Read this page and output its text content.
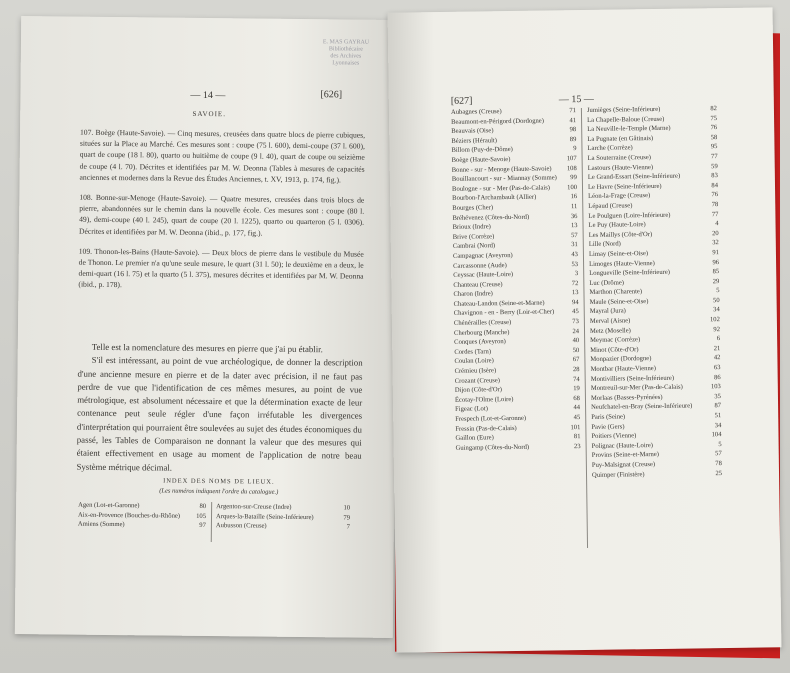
E. MAS GAYRAU
Bibliothécaire
des Archives
Lyonnaises
— 14 —	[626]
SAVOIE.

107. Boège (Haute-Savoie). — Cinq mesures, creusées dans quatre blocs de pierre cubiques, situées sur la Place au Marché. Ces mesures sont : coupe (75 l. 600), demi-coupe (37 l. 600), quart de coupe (18 l. 80), quarto ou huitième de coupe (9 l. 40), quart de coupe ou seizième de coupe (4 l. 70). Décrites et identifiées par M. W. Deonna (Tables à mesures de capacités anciennes et modernes dans la Revue des Études Anciennes, t. XV, 1913, p. 174, fig.).

108. Bonne-sur-Menoge (Haute-Savoie). — Quatre mesures, creusées dans trois blocs de pierre, abandonnées sur le chemin dans la nouvelle école. Ces mesures sont : coupe (80 l. 49), demi-coupe (40 l. 245), quart de coupe (20 l. 1225), quarto ou quarteron (5 l. 0306). Décrites et identifiées par M. W. Deonna (ibid., p. 177, fig.).

109. Thonon-les-Bains (Haute-Savoie). — Deux blocs de pierre dans le vestibule du Musée de Thonon. Le premier n'a qu'une seule mesure, le quart (31 l. 50); le deuxième en a deux, le demi-quart (16 l. 75) et la quarto (5 l. 375), mesures décrites et identifiées par M. W. Deonna (ibid., p. 178).

Telle est la nomenclature des mesures en pierre que j'ai pu établir.

S'il est intéressant, au point de vue archéologique, de donner la description d'une ancienne mesure en pierre et de la dater avec précision, il ne faut pas perdre de vue que l'identification de ces mêmes mesures, au point de vue métrologique, est absolument nécessaire et que la détermination exacte de leur contenance peut seule régler d'une façon irréfutable les divergences d'interprétation qui pourraient être soulevées au sujet des études économiques du passé, les Tables de Comparaison ne donnant la valeur que des mesures qui étaient effectivement en usage au moment de l'application de notre beau Système métrique décimal.

INDEX DES NOMS DE LIEUX.
(Les numéros indiquent l'ordre du catalogue.)
Agen (Lot-et-Garonne)	80
Aix-en-Provence (Bouches-du-Rhône)	105
Amiens (Somme)	97
Argenton-sur-Creuse (Indre)	10
Arques-la-Bataille (Seine-Inférieure)	79
Aubusson (Creuse)	7
[627]	— 15 —
Aubagnes (Creuse)	71
Beaumont-en-Périgord (Dordogne)	41
Beauvais (Oise)	98
Béziers (Hérault)	89
Billom (Puy-de-Dôme)	9
Boège (Haute-Savoie)	107
Bonne - sur - Menoge (Haute-Savoie)	108
Bouillancourt - sur - Miannay (Somme)	99
Boulogne - sur - Mer (Pas-de-Calais)	100
Bourbon-l'Archambault (Allier)	16
Bourges (Cher)	11
Bréhévenez (Côtes-du-Nord)	36
Brioux (Indre)	13
Brive (Corrèze)	57
Cambrai (Nord)	31
Campagnac (Aveyron)	43
Carcassonne (Aude)	53
Ceyssac (Haute-Loire)	3
Chanteau (Creuse)	72
Charon (Indre)	13
Chateau-Landon (Seine-et-Marne)	94
Chavignon - en - Berry (Loir-et-Cher)	45
Chénérailles (Creuse)	73
Cherbourg (Manche)	24
Conques (Aveyron)	40
Cordes (Tarn)	50
Coulan (Loire)	67
Crémieu (Isère)	28
Crozant (Creuse)	74
Dijon (Côte-d'Or)	19
Écotay-l'Olme (Loire)	68
Figeac (Lot)	44
Frespech (Lot-et-Garonne)	45
Fressin (Pas-de-Calais)	101
Gaillon (Eure)	81
Guingamp (Côtes-du-Nord)	23
Jumièges (Seine-Inférieure)	82
La Chapelle-Baloue (Creuse)	75
La Neuville-le-Temple (Marne)	76
La Pugnate (en Gâtinais)	58
Larche (Corrèze)	95
La Souterraine (Creuse)	77
Lastours (Haute-Vienne)	59
Le Grand-Essart (Seine-Inférieure)	83
Le Havre (Seine-Inférieure)	84
Léon-la-Frage (Creuse)	76
Lépaud (Creuse)	78
Le Poulguen (Loire-Inférieure)	77
Le Puy (Haute-Loire)	4
Les Maillys (Côte-d'Or)	20
Lille (Nord)	32
Limay (Seine-et-Oise)	91
Limoges (Haute-Vienne)	96
Longueville (Seine-Inférieure)	85
Luc (Drôme)	29
Marthon (Charente)	5
Maule (Seine-et-Oise)	50
Mayral (Jura)	34
Merval (Aisne)	102
Metz (Moselle)	92
Meymac (Corrèze)	6
Minot (Côte-d'Or)	21
Monpazier (Dordogne)	42
Montbar (Haute-Vienne)	63
Montivilliers (Seine-Inférieure)	86
Montreuil-sur-Mer (Pas-de-Calais)	103
Morlaas (Basses-Pyrénées)	35
Neufchatel-en-Bray (Seine-Inférieure)	87
Paris (Seine)	51
Pavie (Gers)	34
Poitiers (Vienne)	104
Polignac (Haute-Loire)	5
Provins (Seine-et-Marne)	57
Puy-Malsignat (Creuse)	78
Quimper (Finistère)	25
